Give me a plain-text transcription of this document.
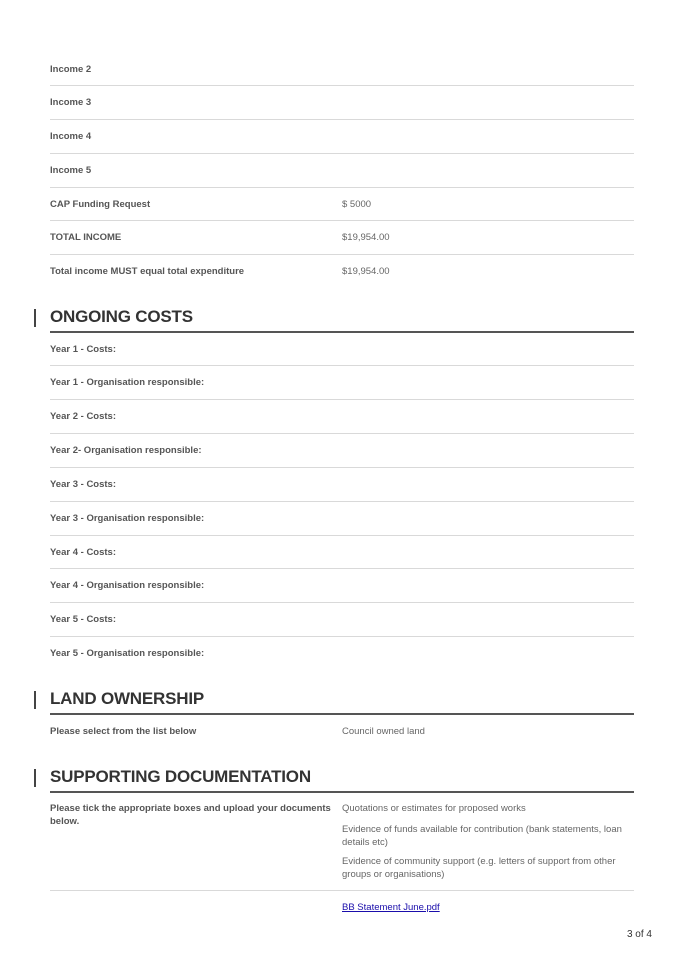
Income 2
Income 3
Income 4
Income 5
CAP Funding Request	$ 5000
TOTAL INCOME	$19,954.00
Total income MUST equal total expenditure	$19,954.00
ONGOING COSTS
Year 1 - Costs:
Year 1 - Organisation responsible:
Year 2 - Costs:
Year 2- Organisation responsible:
Year 3 - Costs:
Year 3 - Organisation responsible:
Year 4 - Costs:
Year 4 - Organisation responsible:
Year 5 - Costs:
Year 5 - Organisation responsible:
LAND OWNERSHIP
Please select from the list below	Council owned land
SUPPORTING DOCUMENTATION
Please tick the appropriate boxes and upload your documents below.
Quotations or estimates for proposed works
Evidence of funds available for contribution (bank statements, loan details etc)
Evidence of community support (e.g. letters of support from other groups or organisations)
BB Statement June.pdf
3 of 4
